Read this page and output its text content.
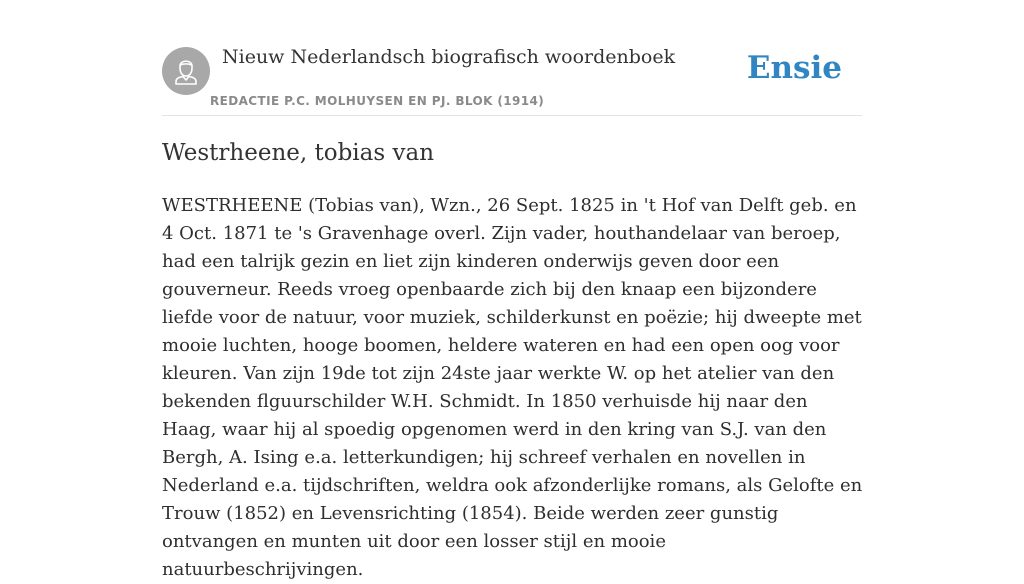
Nieuw Nederlandsch biografisch woordenboek
REDACTIE P.C. MOLHUYSEN EN PJ. BLOK (1914)
Ensie
Westrheene, tobias van

WESTRHEENE (Tobias van), Wzn., 26 Sept. 1825 in 't Hof van Delft geb. en 4 Oct. 1871 te 's Gravenhage overl. Zijn vader, houthandelaar van beroep, had een talrijk gezin en liet zijn kinderen onderwijs geven door een gouverneur. Reeds vroeg openbaarde zich bij den knaap een bijzondere liefde voor de natuur, voor muziek, schilderkunst en poëzie; hij dweepte met mooie luchten, hooge boomen, heldere wateren en had een open oog voor kleuren. Van zijn 19de tot zijn 24ste jaar werkte W. op het atelier van den bekenden flguurschilder W.H. Schmidt. In 1850 verhuisde hij naar den Haag, waar hij al spoedig opgenomen werd in den kring van S.J. van den Bergh, A. Ising e.a. letterkundigen; hij schreef verhalen en novellen in Nederland e.a. tijdschriften, weldra ook afzonderlijke romans, als Gelofte en Trouw (1852) en Levensrichting (1854). Beide werden zeer gunstig ontvangen en munten uit door een losser stijl en mooie natuurbeschrijvingen.
